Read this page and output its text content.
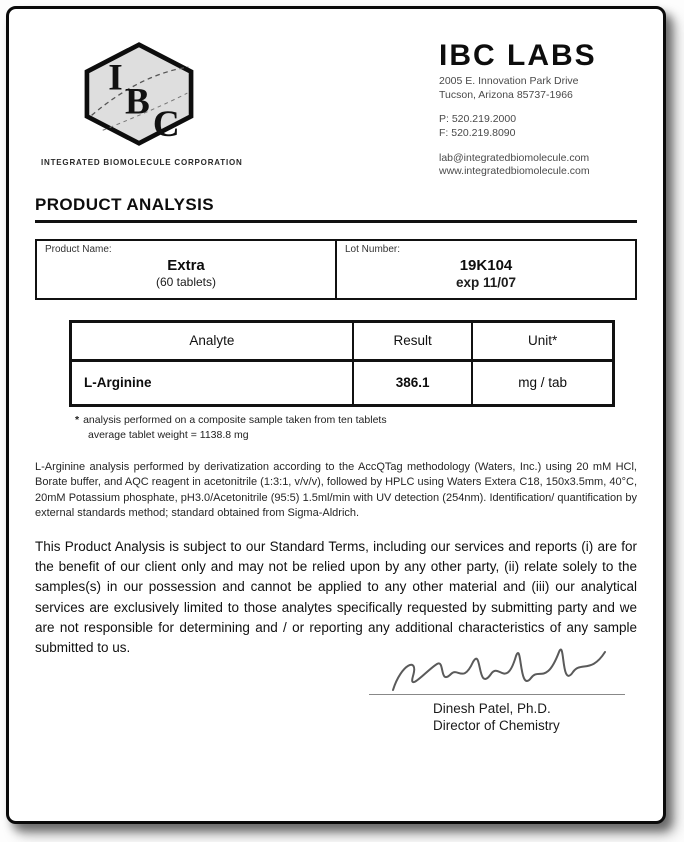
I
B
C
INTEGRATED BIOMOLECULE CORPORATION
IBC LABS
2005 E. Innovation Park Drive
Tucson, Arizona 85737-1966
P: 520.219.2000
F: 520.219.8090
lab@integratedbiomolecule.com
www.integratedbiomolecule.com
PRODUCT ANALYSIS
Product Name:
Extra
(60 tablets)
Lot Number:
19K104
exp 11/07
Analyte	Result	Unit*
L-Arginine	386.1	mg / tab
* analysis performed on a composite sample taken from ten tablets
average tablet weight = 1138.8 mg
L-Arginine analysis performed by derivatization according to the AccQTag methodology (Waters, Inc.) using 20 mM HCl, Borate buffer, and AQC reagent in acetonitrile (1:3:1, v/v/v), followed by HPLC using Waters Extera C18, 150x3.5mm, 40°C, 20mM Potassium phosphate, pH3.0/Acetonitrile (95:5) 1.5ml/min with UV detection (254nm). Identification/ quantification by external standards method; standard obtained from Sigma-Aldrich.
This Product Analysis is subject to our Standard Terms, including our services and reports (i) are for the benefit of our client only and may not be relied upon by any other party, (ii) relate solely to the samples(s) in our possession and cannot be applied to any other material and (iii) our analytical services are exclusively limited to those analytes specifically requested by submitting party and we are not responsible for determining and / or reporting any additional characteristics of any sample submitted to us.
Dinesh Patel, Ph.D.
Director of Chemistry
